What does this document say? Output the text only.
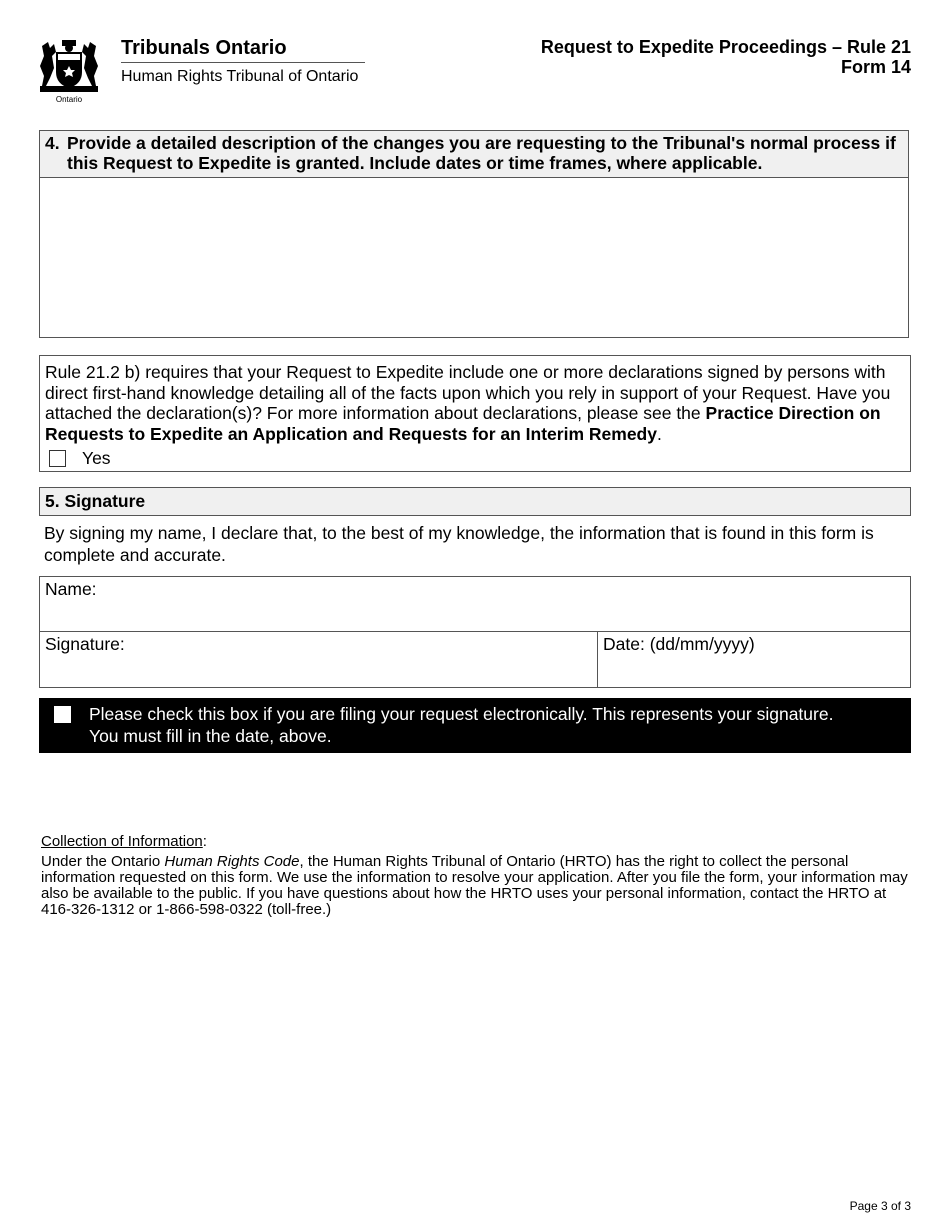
Ontario
Tribunals Ontario
Human Rights Tribunal of Ontario
Request to Expedite Proceedings – Rule 21
Form 14
4. Provide a detailed description of the changes you are requesting to the Tribunal's normal process if this Request to Expedite is granted. Include dates or time frames, where applicable.
Rule 21.2 b) requires that your Request to Expedite include one or more declarations signed by persons with direct first-hand knowledge detailing all of the facts upon which you rely in support of your Request. Have you attached the declaration(s)? For more information about declarations, please see the Practice Direction on Requests to Expedite an Application and Requests for an Interim Remedy.
Yes
5. Signature
By signing my name, I declare that, to the best of my knowledge, the information that is found in this form is complete and accurate.
Name:
Signature:	Date: (dd/mm/yyyy)
Please check this box if you are filing your request electronically. This represents your signature.
You must fill in the date, above.
Collection of Information:
Under the Ontario Human Rights Code, the Human Rights Tribunal of Ontario (HRTO) has the right to collect the personal information requested on this form. We use the information to resolve your application. After you file the form, your information may also be available to the public. If you have questions about how the HRTO uses your personal information, contact the HRTO at 416-326-1312 or 1-866-598-0322 (toll-free.)
Page 3 of 3
